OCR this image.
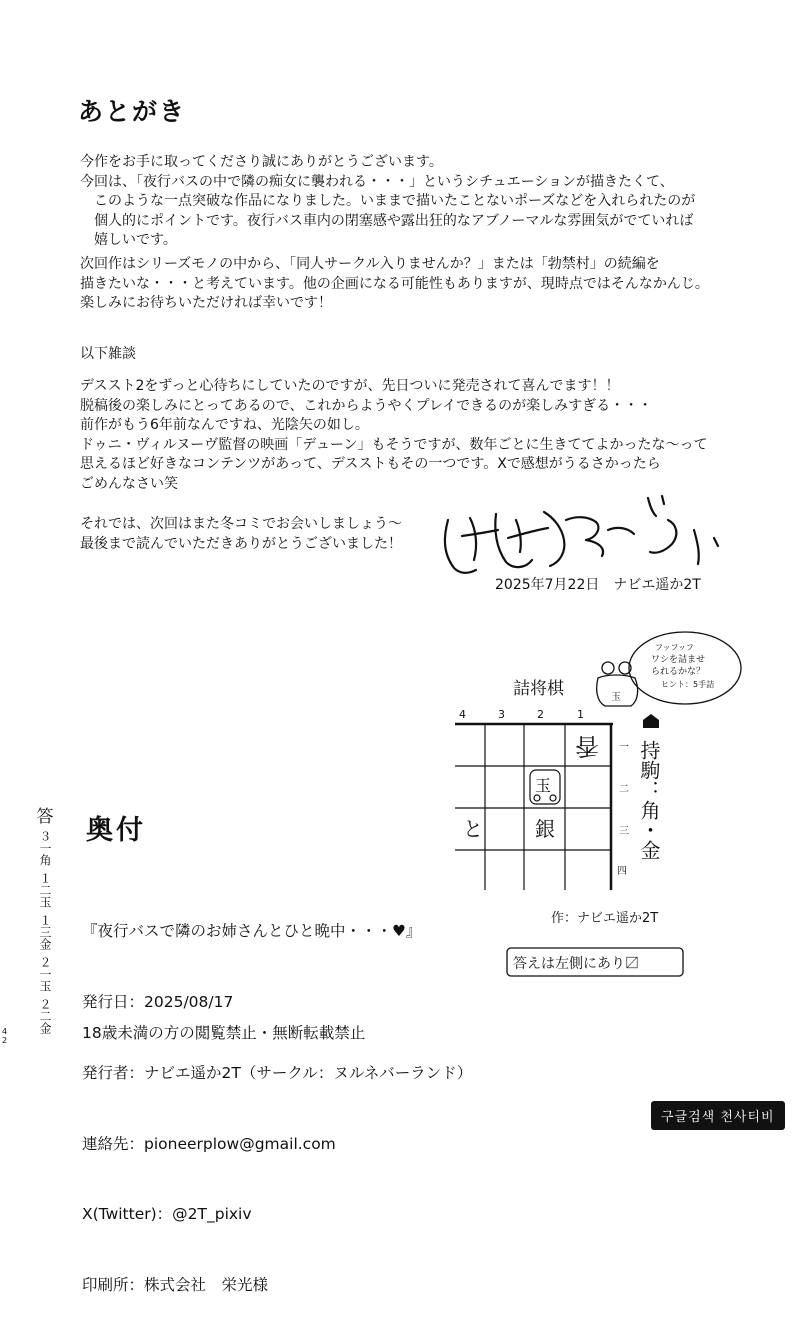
あとがき
今作をお手に取ってくださり誠にありがとうございます。
今回は、「夜行バスの中で隣の痴女に襲われる・・・」というシチュエーションが描きたくて、
　このような一点突破な作品になりました。いままで描いたことないポーズなどを入れられたのが
　個人的にポイントです。夜行バス車内の閉塞感や露出狂的なアブノーマルな雰囲気がでていれば
　嬉しいです。
次回作はシリーズモノの中から、「同人サークル入りませんか？」または「勃禁村」の続編を
描きたいな・・・と考えています。他の企画になる可能性もありますが、現時点ではそんなかんじ。
楽しみにお待ちいただければ幸いです！
以下雑談
デススト2をずっと心待ちにしていたのですが、先日ついに発売されて喜んでます！！
脱稿後の楽しみにとってあるので、これからようやくプレイできるのが楽しみすぎる・・・
前作がもう6年前なんですね、光陰矢の如し。
ドゥニ・ヴィルヌーヴ監督の映画「デューン」もそうですが、数年ごとに生きててよかったな～って
思えるほど好きなコンテンツがあって、デスストもその一つです。Xで感想がうるさかったら
ごめんなさい笑
それでは、次回はまた冬コミでお会いしましょう～
最後まで読んでいただきありがとうございました！
2025年7月22日　ナビエ遥か2T
奥付

『夜行バスで隣のお姉さんとひと晩中・・・♥』

発行日：2025/08/17

発行者：ナビエ遥か2T（サークル：ヌルネバーランド）

連絡先：pioneerplow@gmail.com

X(Twitter)：@2T_pixiv

印刷所：株式会社　栄光様

18歳未満の方の閲覧禁止・無断転載禁止
答
３一角
１二玉
１三金
２一玉
２二金
4
2
フッフッフ
ワシを詰ませ
られるかな？
ヒント：5手詰
詰将棋	玉
4	3	2	1
一
二
三
四
香
玉
と	銀	持駒：角・金
作：ナビエ遥か2T
答えは左側にあり〼
구글검색 천사티비
